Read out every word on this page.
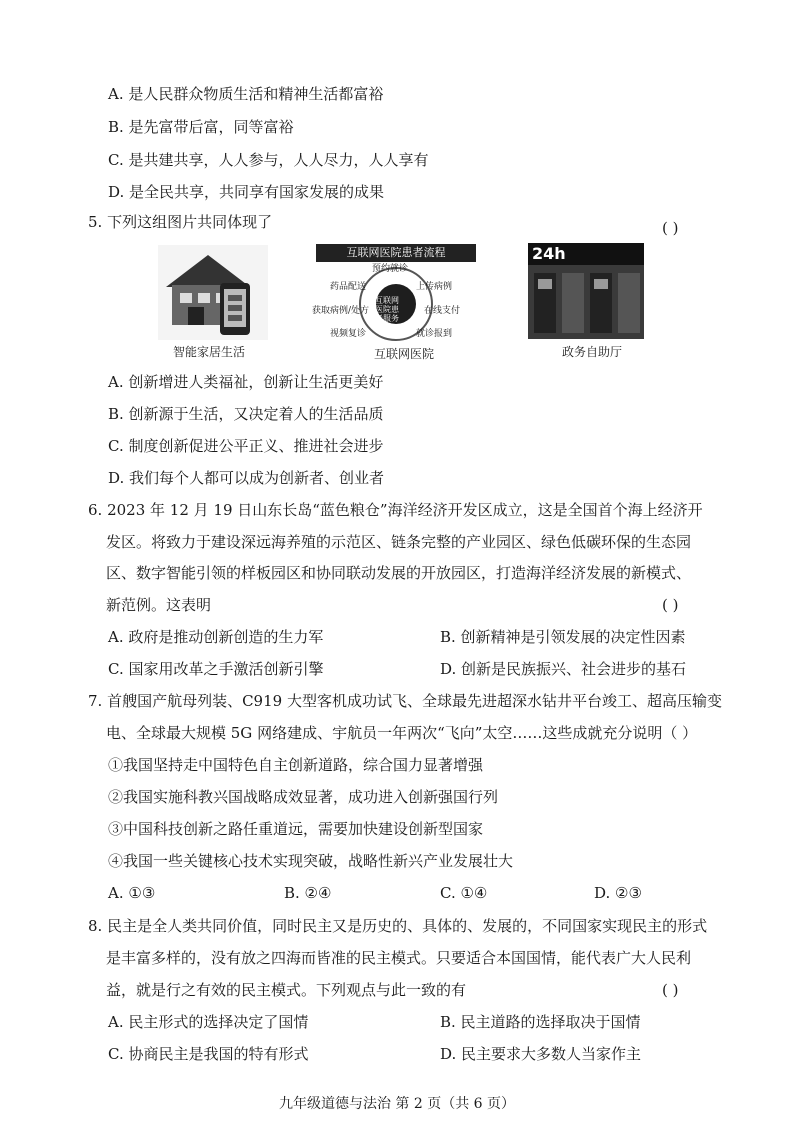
A. 是人民群众物质生活和精神生活都富裕
B. 是先富带后富，同等富裕
C. 是共建共享，人人参与，人人尽力，人人享有
D. 是全民共享，共同享有国家发展的成果
5. 下列这组图片共同体现了	( )
智能家居生活
互联网医院患者流程
互联网医院患者服务
预约就诊
上传病例
在线支付
就诊报到
视频复诊
获取病例/处方
药品配送
互联网医院
24h
政务自助厅
A. 创新增进人类福祉，创新让生活更美好
B. 创新源于生活，又决定着人的生活品质
C. 制度创新促进公平正义、推进社会进步
D. 我们每个人都可以成为创新者、创业者
6. 2023 年 12 月 19 日山东长岛“蓝色粮仓”海洋经济开发区成立，这是全国首个海上经济开
发区。将致力于建设深远海养殖的示范区、链条完整的产业园区、绿色低碳环保的生态园
区、数字智能引领的样板园区和协同联动发展的开放园区，打造海洋经济发展的新模式、
新范例。这表明	( )
A. 政府是推动创新创造的生力军	B. 创新精神是引领发展的决定性因素
C. 国家用改革之手激活创新引擎	D. 创新是民族振兴、社会进步的基石
7. 首艘国产航母列装、C919 大型客机成功试飞、全球最先进超深水钻井平台竣工、超高压输变
电、全球最大规模 5G 网络建成、宇航员一年两次“飞向”太空……这些成就充分说明（ ）
①我国坚持走中国特色自主创新道路，综合国力显著增强
②我国实施科教兴国战略成效显著，成功进入创新强国行列
③中国科技创新之路任重道远，需要加快建设创新型国家
④我国一些关键核心技术实现突破，战略性新兴产业发展壮大
A. ①③	B. ②④	C. ①④	D. ②③
8. 民主是全人类共同价值，同时民主又是历史的、具体的、发展的，不同国家实现民主的形式
是丰富多样的，没有放之四海而皆准的民主模式。只要适合本国国情，能代表广大人民利
益，就是行之有效的民主模式。下列观点与此一致的有	( )
A. 民主形式的选择决定了国情	B. 民主道路的选择取决于国情
C. 协商民主是我国的特有形式	D. 民主要求大多数人当家作主
九年级道德与法治 第 2 页（共 6 页）
